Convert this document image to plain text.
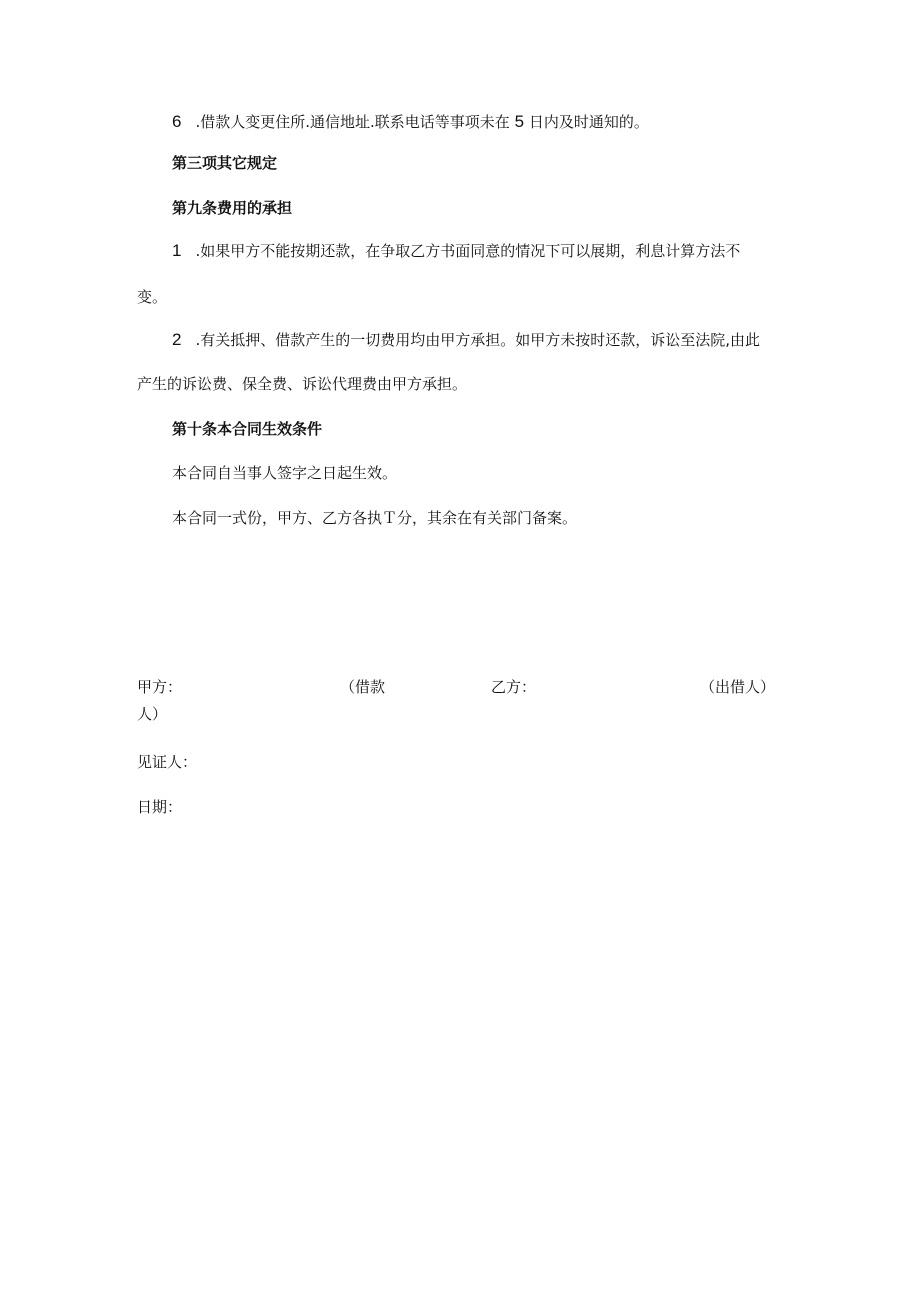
6 .借款人变更住所.通信地址.联系电话等事项未在 5 日内及时通知的。
第三项其它规定
第九条费用的承担
1 .如果甲方不能按期还款，在争取乙方书面同意的情况下可以展期，利息计算方法不
变。
2 .有关抵押、借款产生的一切费用均由甲方承担。如甲方未按时还款，诉讼至法院,由此
产生的诉讼费、保全费、诉讼代理费由甲方承担。
第十条本合同生效条件
本合同自当事人签字之日起生效。
本合同一式份，甲方、乙方各执Ｔ分，其余在有关部门备案。
甲方：	（借款	乙方：	（出借人）
人）
见证人：
日期：
